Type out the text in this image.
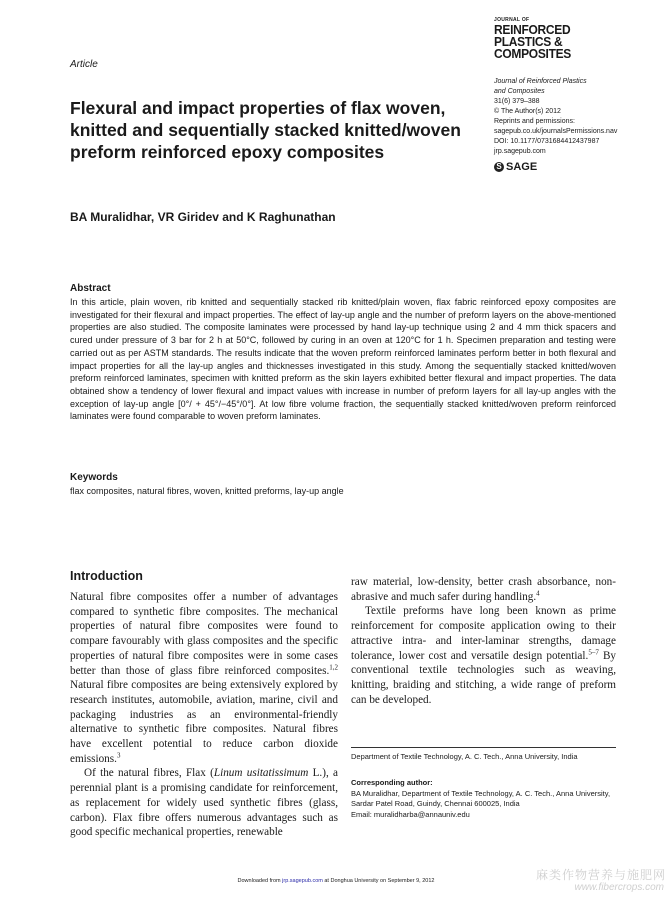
Article
JOURNAL OF
REINFORCED
PLASTICS &
COMPOSITES
Journal of Reinforced Plastics
and Composites
31(6) 379–388
© The Author(s) 2012
Reprints and permissions:
sagepub.co.uk/journalsPermissions.nav
DOI: 10.1177/0731684412437987
jrp.sagepub.com
S SAGE
Flexural and impact properties of flax woven, knitted and sequentially stacked knitted/woven preform reinforced epoxy composites
BA Muralidhar, VR Giridev and K Raghunathan
Abstract
In this article, plain woven, rib knitted and sequentially stacked rib knitted/plain woven, flax fabric reinforced epoxy composites are investigated for their flexural and impact properties. The effect of lay-up angle and the number of preform layers on the above-mentioned properties are also studied. The composite laminates were processed by hand lay-up technique using 2 and 4 mm thick spacers and cured under pressure of 3 bar for 2 h at 50°C, followed by curing in an oven at 120°C for 1 h. Specimen preparation and testing were carried out as per ASTM standards. The results indicate that the woven preform reinforced laminates perform better in both flexural and impact properties for all the lay-up angles and thicknesses investigated in this study. Among the sequentially stacked knitted/woven preform reinforced laminates, specimen with knitted preform as the skin layers exhibited better flexural and impact properties. The data obtained show a tendency of lower flexural and impact values with increase in number of preform layers for all lay-up angles with the exception of lay-up angle [0°/ + 45°/−45°/0°]. At low fibre volume fraction, the sequentially stacked knitted/woven preform reinforced laminates were found comparable to woven preform laminates.
Keywords
flax composites, natural fibres, woven, knitted preforms, lay-up angle
Introduction

Natural fibre composites offer a number of advantages compared to synthetic fibre composites. The mechanical properties of natural fibre composites were found to compare favourably with glass composites and the specific properties of natural fibre composites were in some cases better than those of glass fibre reinforced composites.$^{1,2}$ Natural fibre composites are being extensively explored by research institutes, automobile, aviation, marine, civil and packaging industries as an environmental-friendly alternative to synthetic fibre composites. Natural fibres have excellent potential to reduce carbon dioxide emissions.$^3$

Of the natural fibres, Flax (Linum usitatissimum L.), a perennial plant is a promising candidate for reinforcement, as replacement for widely used synthetic fibres (glass, carbon). Flax fibre offers numerous advantages such as good specific mechanical properties, renewable

raw material, low-density, better crash absorbance, non-abrasive and much safer during handling.$^4$

Textile preforms have long been known as prime reinforcement for composite application owing to their attractive intra- and inter-laminar strengths, damage tolerance, lower cost and versatile design potential.$^{5-7}$ By conventional textile technologies such as weaving, knitting, braiding and stitching, a wide range of preform can be developed.

Department of Textile Technology, A. C. Tech., Anna University, India
Corresponding author:
BA Muralidhar, Department of Textile Technology, A. C. Tech., Anna University, Sardar Patel Road, Guindy, Chennai 600025, India
Email: muralidharba@annauniv.edu
Downloaded from jrp.sagepub.com at Donghua University on September 9, 2012	麻类作物营养与施肥网
www.fibercrops.com
